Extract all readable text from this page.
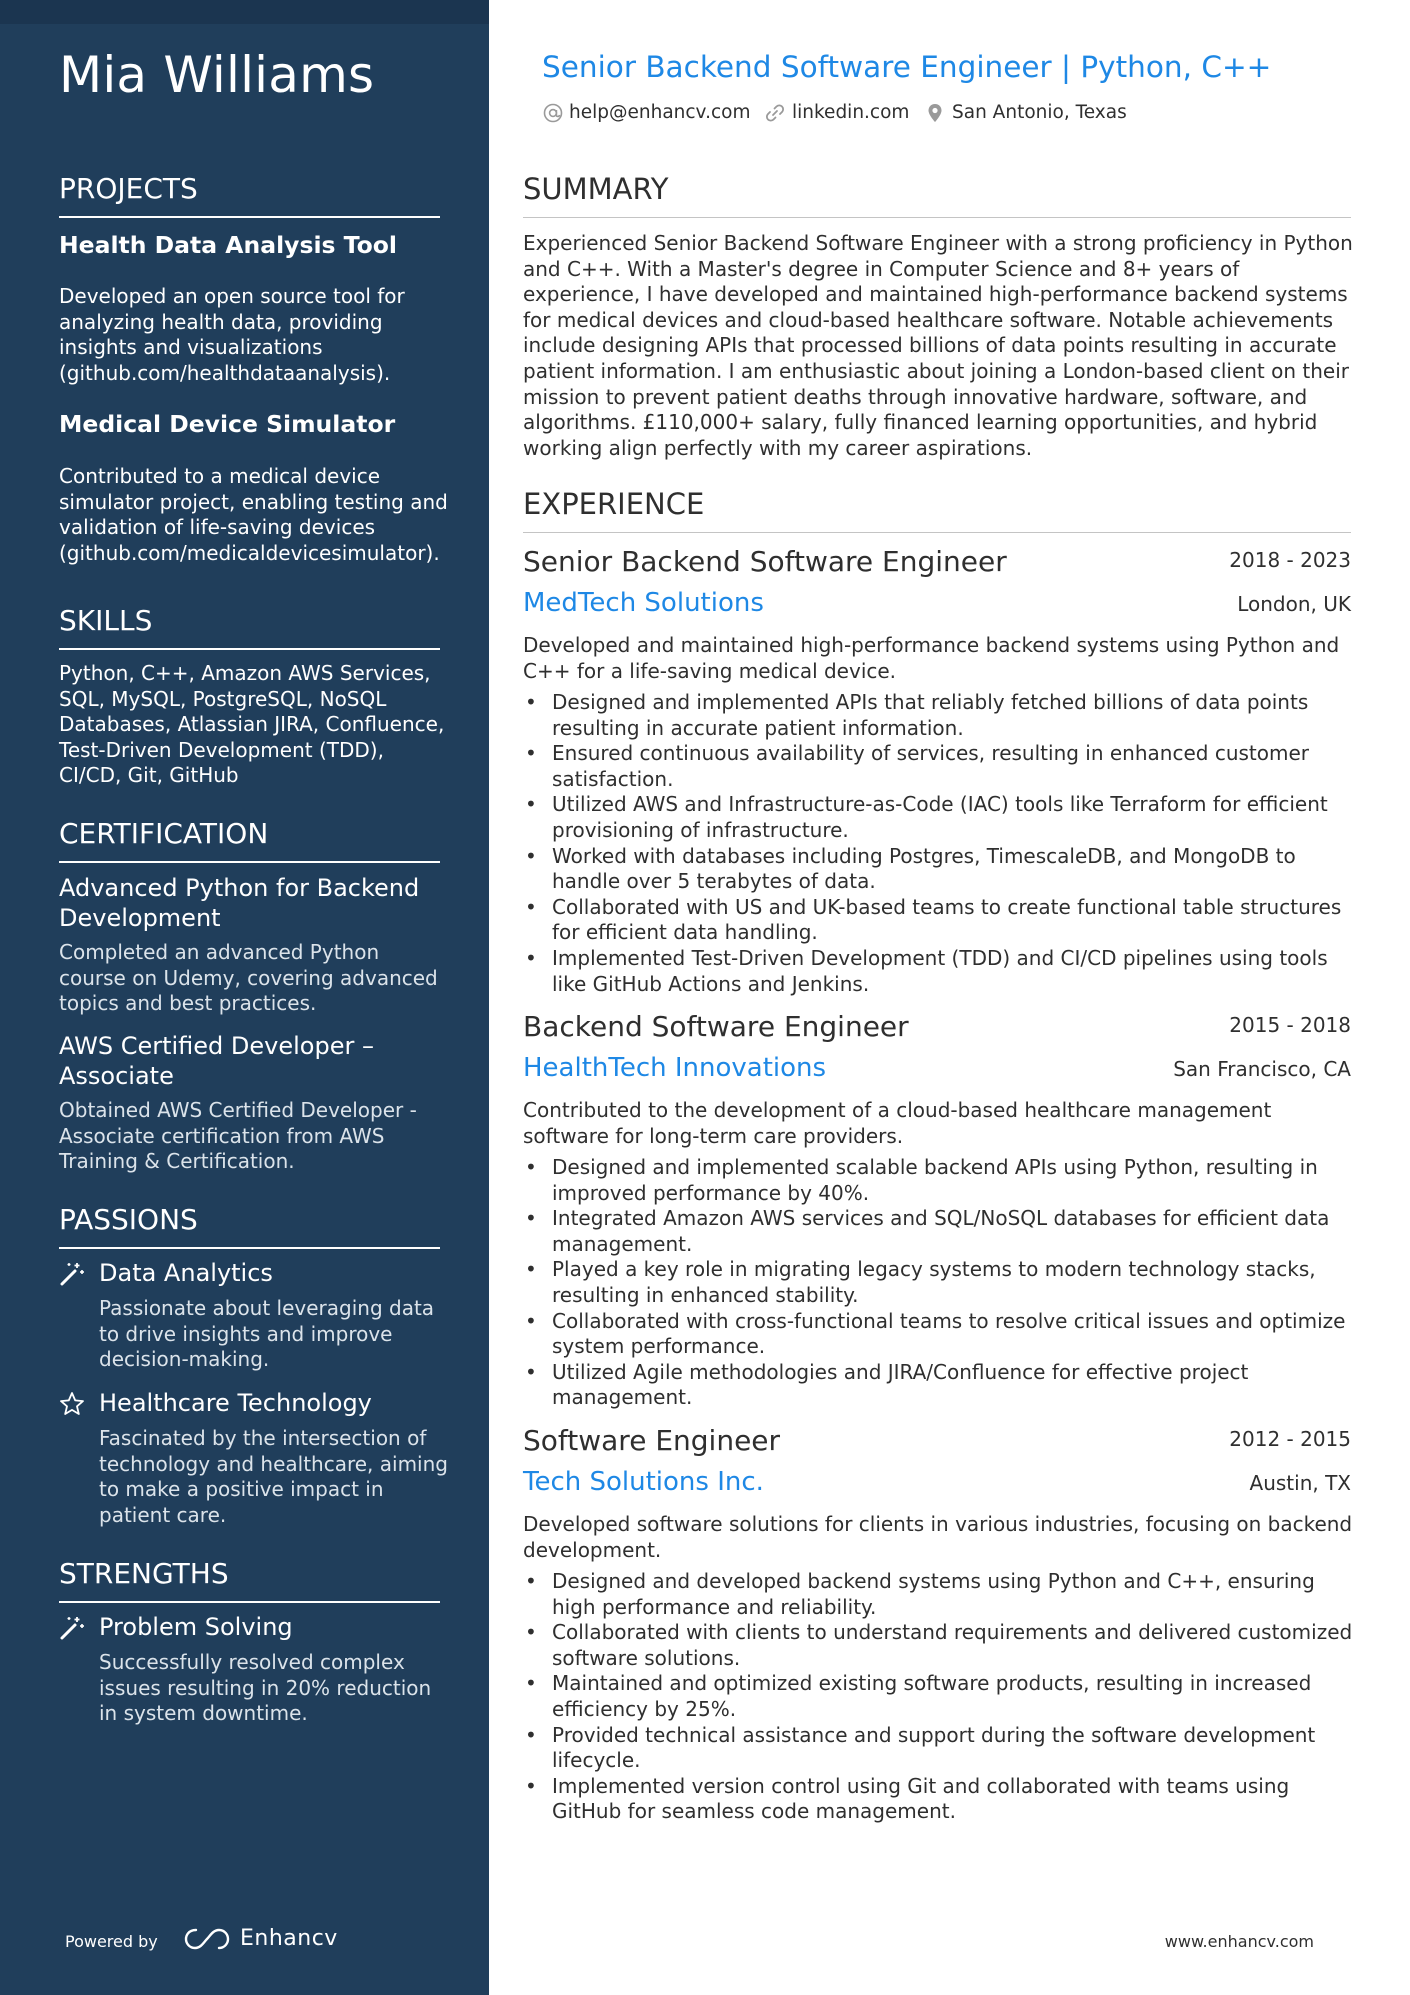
Mia Williams
PROJECTS
Health Data Analysis Tool
Developed an open source tool for analyzing health data, providing insights and visualizations (github.com/healthdataanalysis).
Medical Device Simulator
Contributed to a medical device simulator project, enabling testing and validation of life-saving devices (github.com/medicaldevicesimulator).
SKILLS
Python, C++, Amazon AWS Services, SQL, MySQL, PostgreSQL, NoSQL Databases, Atlassian JIRA, Confluence, Test-Driven Development (TDD), CI/CD, Git, GitHub
CERTIFICATION
Advanced Python for Backend Development
Completed an advanced Python course on Udemy, covering advanced topics and best practices.
AWS Certified Developer – Associate
Obtained AWS Certified Developer - Associate certification from AWS Training & Certification.
PASSIONS
Data Analytics
Passionate about leveraging data to drive insights and improve decision-making.
Healthcare Technology
Fascinated by the intersection of technology and healthcare, aiming to make a positive impact in patient care.
STRENGTHS
Problem Solving
Successfully resolved complex issues resulting in 20% reduction in system downtime.
Powered by	Enhancv
Senior Backend Software Engineer | Python, C++
help@enhancv.com linkedin.com San Antonio, Texas
SUMMARY
Experienced Senior Backend Software Engineer with a strong proficiency in Python and C++. With a Master's degree in Computer Science and 8+ years of experience, I have developed and maintained high-performance backend systems for medical devices and cloud-based healthcare software. Notable achievements include designing APIs that processed billions of data points resulting in accurate patient information. I am enthusiastic about joining a London-based client on their mission to prevent patient deaths through innovative hardware, software, and algorithms. £110,000+ salary, fully financed learning opportunities, and hybrid working align perfectly with my career aspirations.
EXPERIENCE
Senior Backend Software Engineer	2018 - 2023
MedTech Solutions	London, UK
Developed and maintained high-performance backend systems using Python and C++ for a life-saving medical device.
• Designed and implemented APIs that reliably fetched billions of data points resulting in accurate patient information.
• Ensured continuous availability of services, resulting in enhanced customer satisfaction.
• Utilized AWS and Infrastructure-as-Code (IAC) tools like Terraform for efficient provisioning of infrastructure.
• Worked with databases including Postgres, TimescaleDB, and MongoDB to handle over 5 terabytes of data.
• Collaborated with US and UK-based teams to create functional table structures for efficient data handling.
• Implemented Test-Driven Development (TDD) and CI/CD pipelines using tools like GitHub Actions and Jenkins.
Backend Software Engineer	2015 - 2018
HealthTech Innovations	San Francisco, CA
Contributed to the development of a cloud-based healthcare management software for long-term care providers.
• Designed and implemented scalable backend APIs using Python, resulting in improved performance by 40%.
• Integrated Amazon AWS services and SQL/NoSQL databases for efficient data management.
• Played a key role in migrating legacy systems to modern technology stacks, resulting in enhanced stability.
• Collaborated with cross-functional teams to resolve critical issues and optimize system performance.
• Utilized Agile methodologies and JIRA/Confluence for effective project management.
Software Engineer	2012 - 2015
Tech Solutions Inc.	Austin, TX
Developed software solutions for clients in various industries, focusing on backend development.
• Designed and developed backend systems using Python and C++, ensuring high performance and reliability.
• Collaborated with clients to understand requirements and delivered customized software solutions.
• Maintained and optimized existing software products, resulting in increased efficiency by 25%.
• Provided technical assistance and support during the software development lifecycle.
• Implemented version control using Git and collaborated with teams using GitHub for seamless code management.
www.enhancv.com
